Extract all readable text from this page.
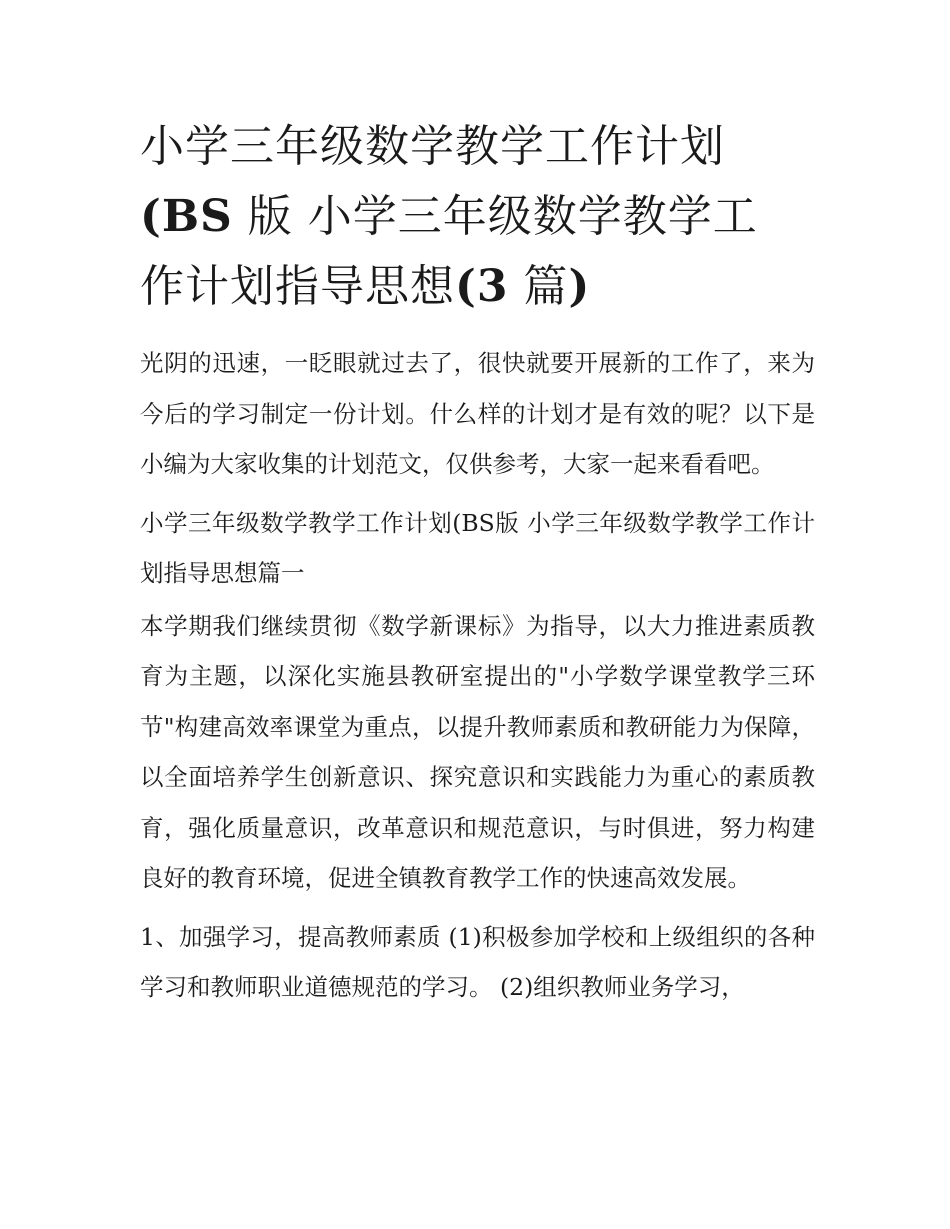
小学三年级数学教学工作计划
(BS 版 小学三年级数学教学工
作计划指导思想(3 篇)

光阴的迅速，一眨眼就过去了，很快就要开展新的工作了，来为今后的学习制定一份计划。什么样的计划才是有效的呢？以下是小编为大家收集的计划范文，仅供参考，大家一起来看看吧。

小学三年级数学教学工作计划(BS版 小学三年级数学教学工作计划指导思想篇一

本学期我们继续贯彻《数学新课标》为指导，以大力推进素质教育为主题，以深化实施县教研室提出的"小学数学课堂教学三环节"构建高效率课堂为重点，以提升教师素质和教研能力为保障，以全面培养学生创新意识、探究意识和实践能力为重心的素质教育，强化质量意识，改革意识和规范意识，与时俱进，努力构建良好的教育环境，促进全镇教育教学工作的快速高效发展。

1、加强学习，提高教师素质 (1)积极参加学校和上级组织的各种学习和教师职业道德规范的学习。 (2)组织教师业务学习，
